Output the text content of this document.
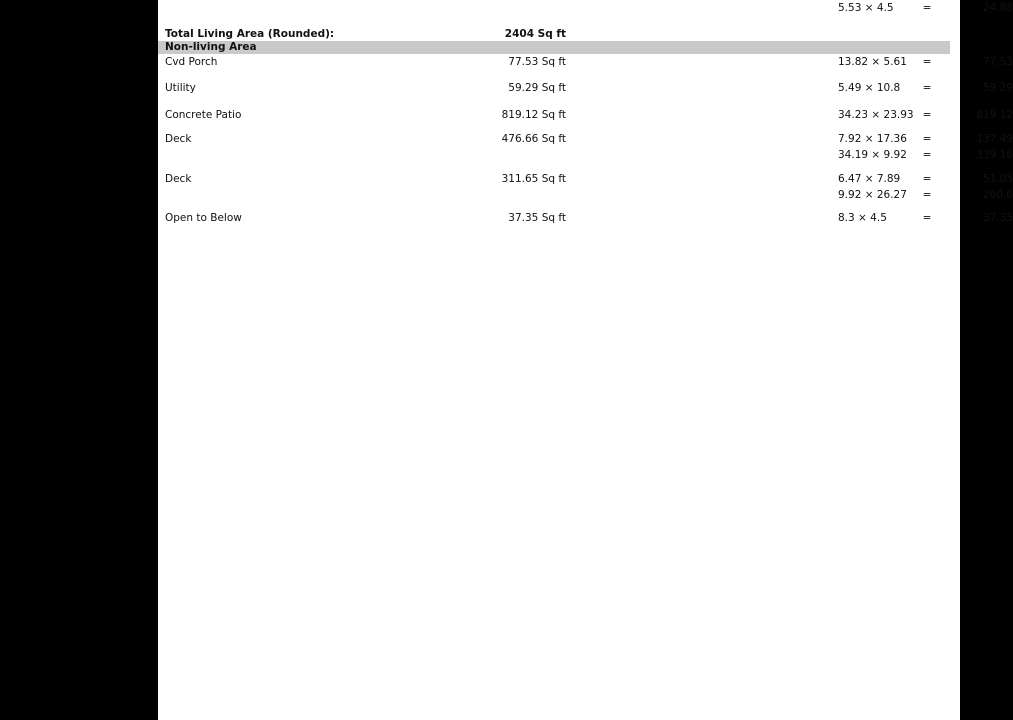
5.53 × 4.5	=	24.88
Total Living Area (Rounded):	2404 Sq ft
Non-living Area
Cvd Porch	77.53 Sq ft	13.82 × 5.61	=	77.53
Utility	59.29 Sq ft	5.49 × 10.8	=	59.29
Concrete Patio	819.12 Sq ft	34.23 × 23.93 =	819.12
Deck	476.66 Sq ft	7.92 × 17.36	=	137.49
34.19 × 9.92	=	339.16
Deck	311.65 Sq ft	6.47 × 7.89	=	51.05
9.92 × 26.27	=	260.6
Open to Below	37.35 Sq ft	8.3 × 4.5	=	37.35
